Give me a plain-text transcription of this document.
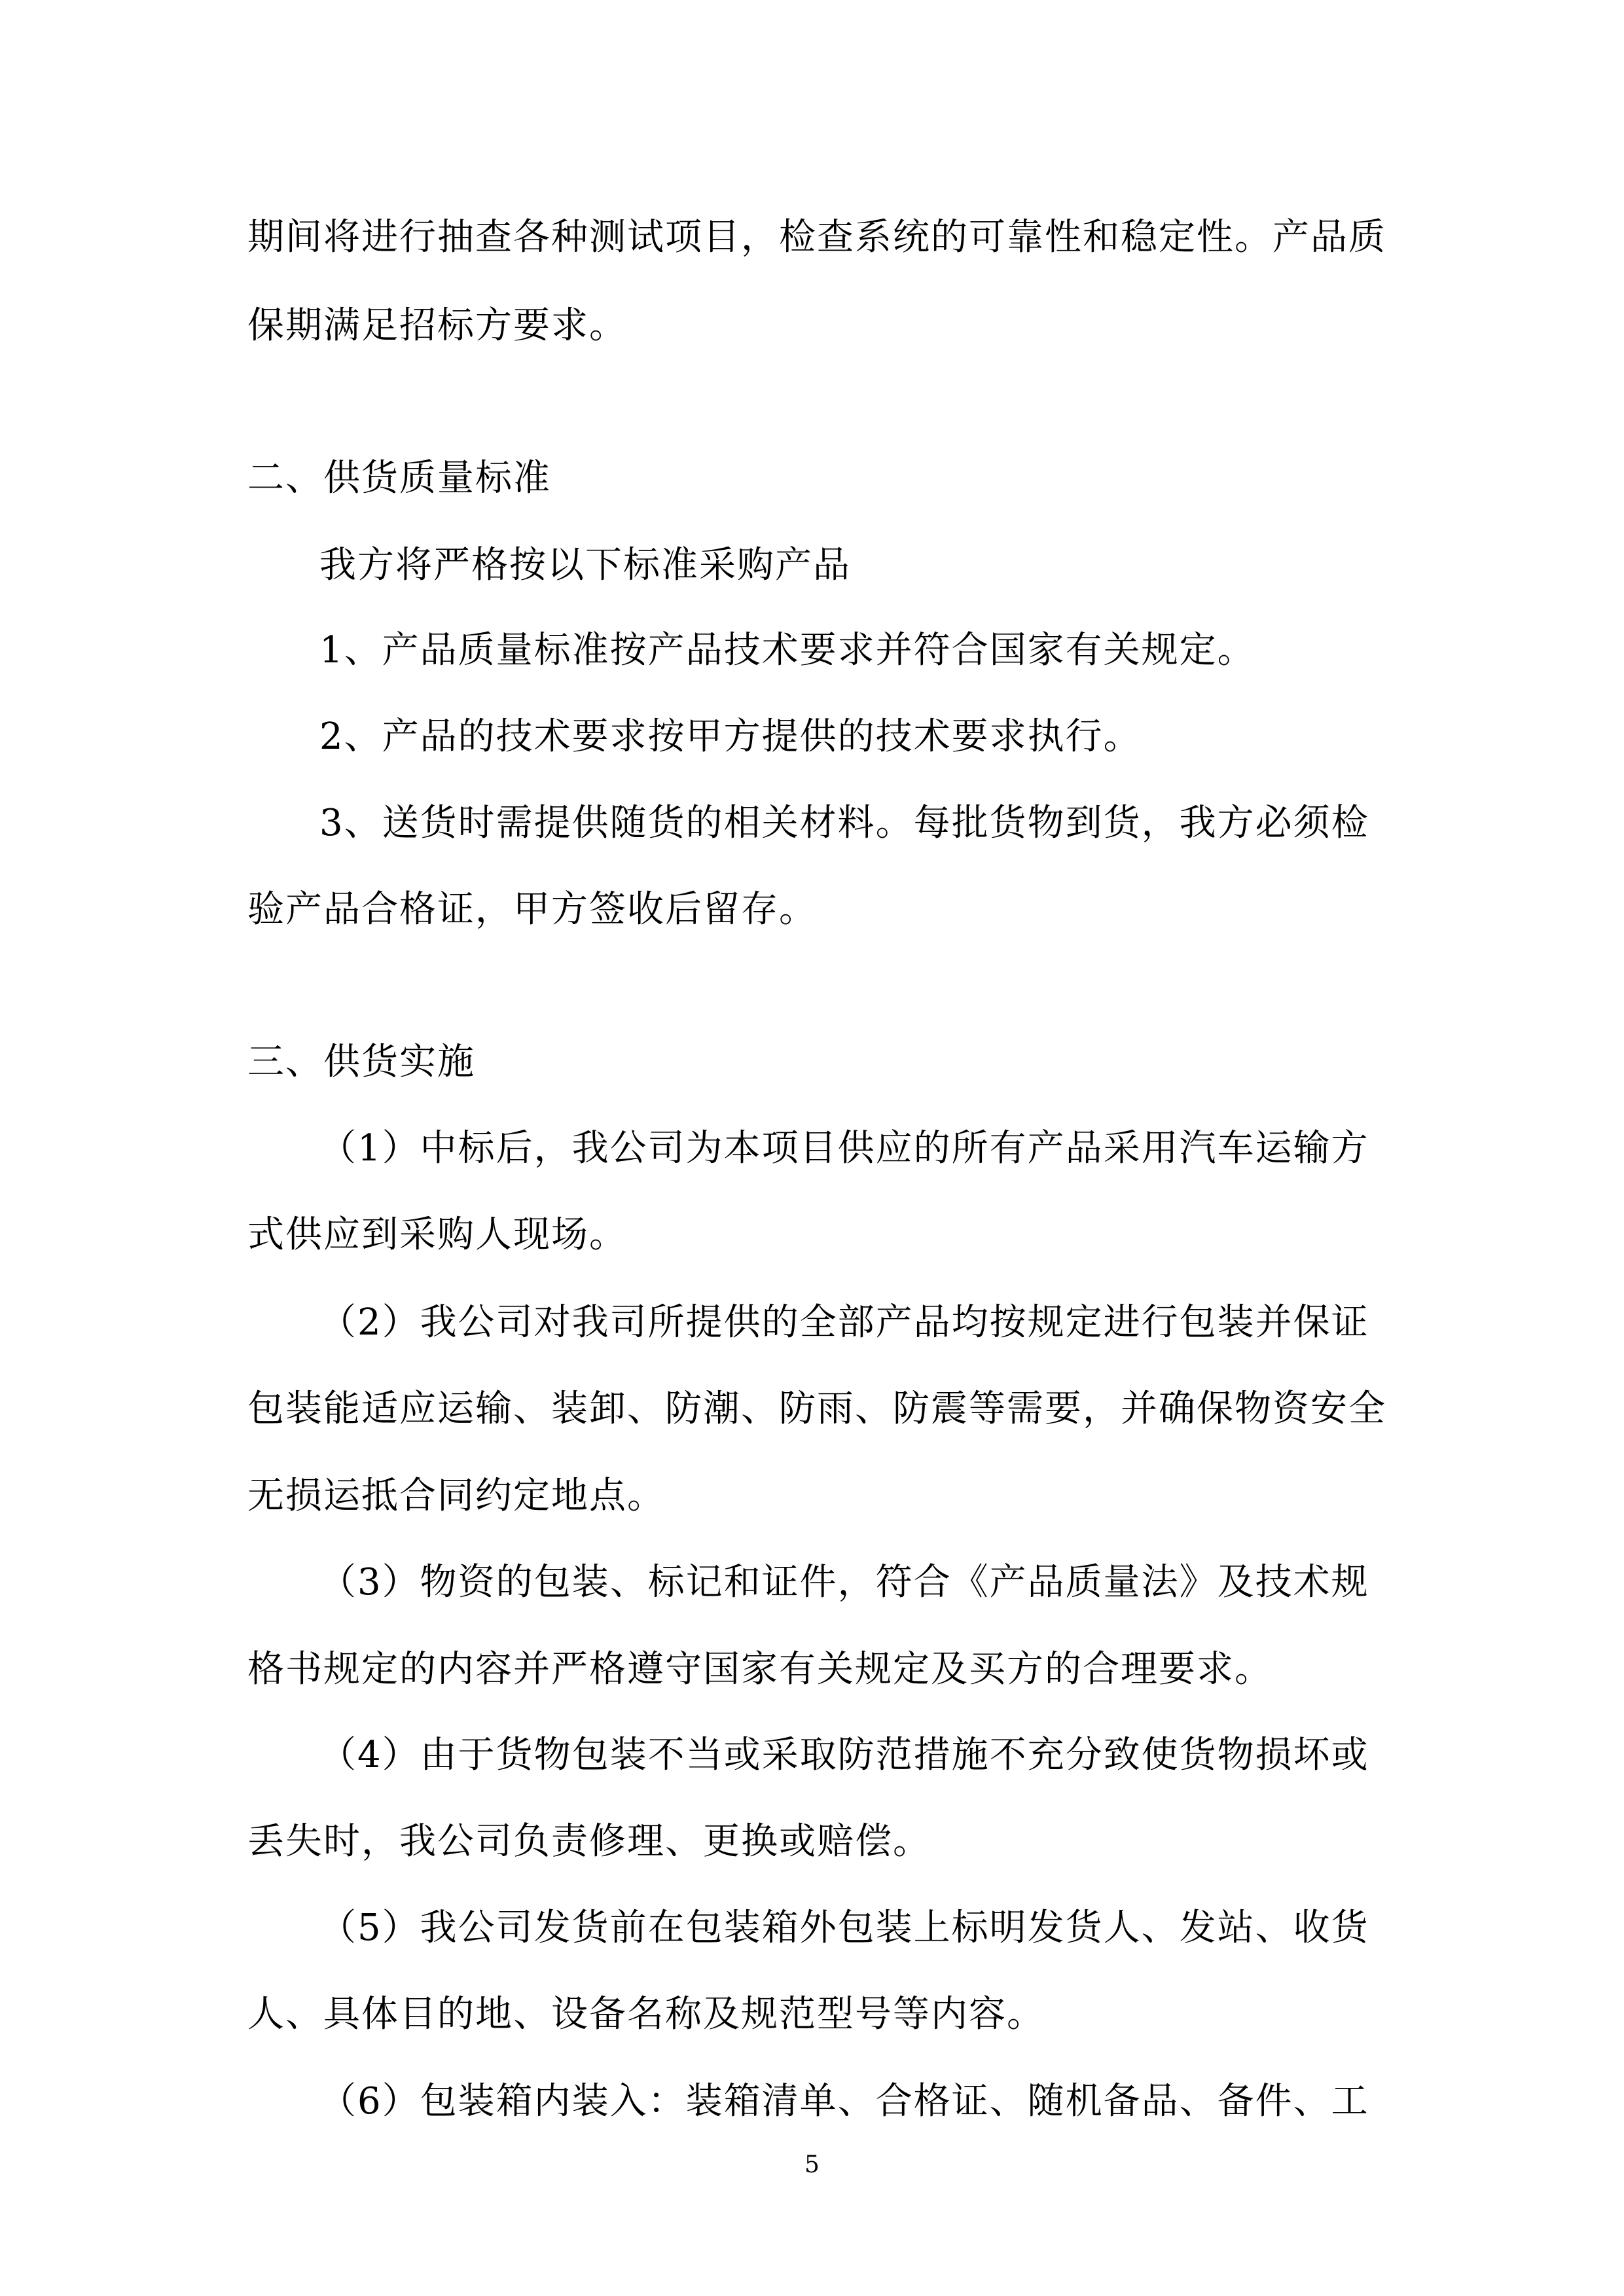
期间将进行抽查各种测试项目，检查系统的可靠性和稳定性。产品质
保期满足招标方要求。
二、供货质量标准
我方将严格按以下标准采购产品
1、产品质量标准按产品技术要求并符合国家有关规定。
2、产品的技术要求按甲方提供的技术要求执行。
3、送货时需提供随货的相关材料。每批货物到货，我方必须检
验产品合格证，甲方签收后留存。
三、供货实施
（1）中标后，我公司为本项目供应的所有产品采用汽车运输方
式供应到采购人现场。
（2）我公司对我司所提供的全部产品均按规定进行包装并保证
包装能适应运输、装卸、防潮、防雨、防震等需要，并确保物资安全
无损运抵合同约定地点。
（3）物资的包装、标记和证件，符合《产品质量法》及技术规
格书规定的内容并严格遵守国家有关规定及买方的合理要求。
（4）由于货物包装不当或采取防范措施不充分致使货物损坏或
丢失时，我公司负责修理、更换或赔偿。
（5）我公司发货前在包装箱外包装上标明发货人、发站、收货
人、具体目的地、设备名称及规范型号等内容。
（6）包装箱内装入：装箱清单、合格证、随机备品、备件、工
5
